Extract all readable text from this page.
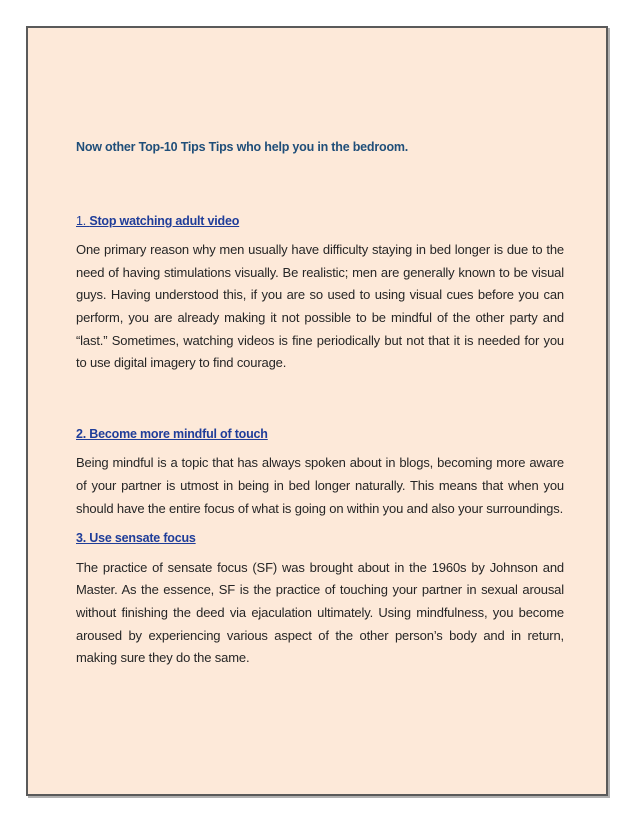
Now other Top-10 Tips Tips who help you in the bedroom.

1. Stop watching adult video

One primary reason why men usually have difficulty staying in bed longer is due to the need of having stimulations visually. Be realistic; men are generally known to be visual guys. Having understood this, if you are so used to using visual cues before you can perform, you are already making it not possible to be mindful of the other party and “last.” Sometimes, watching videos is fine periodically but not that it is needed for you to use digital imagery to find courage.

2. Become more mindful of touch

Being mindful is a topic that has always spoken about in blogs, becoming more aware of your partner is utmost in being in bed longer naturally. This means that when you should have the entire focus of what is going on within you and also your surroundings.

3. Use sensate focus

The practice of sensate focus (SF) was brought about in the 1960s by Johnson and Master. As the essence, SF is the practice of touching your partner in sexual arousal without finishing the deed via ejaculation ultimately. Using mindfulness, you become aroused by experiencing various aspect of the other person’s body and in return, making sure they do the same.
